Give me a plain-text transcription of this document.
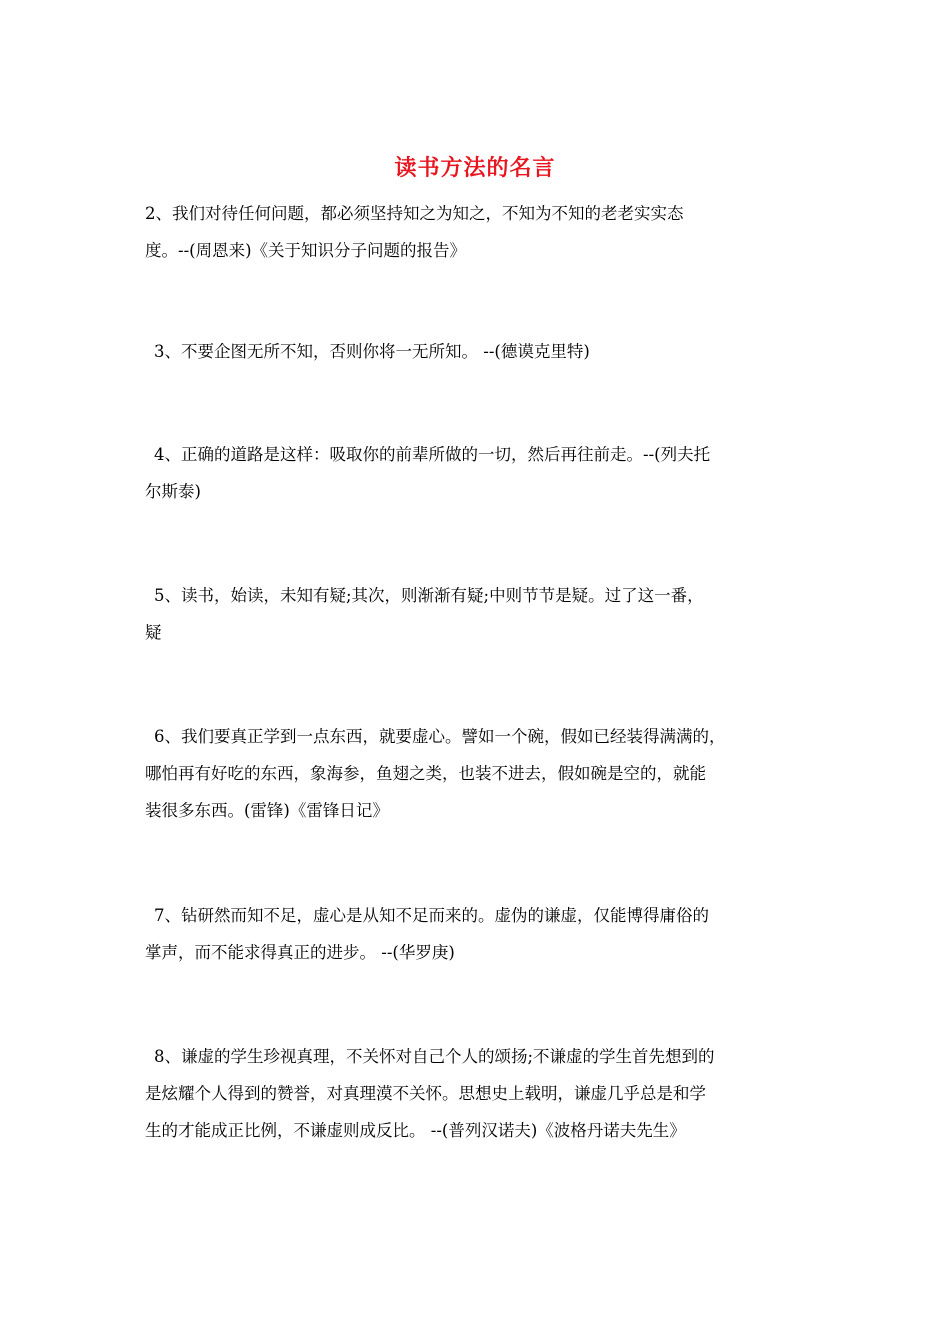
读书方法的名言
2、我们对待任何问题，都必须坚持知之为知之，不知为不知的老老实实态
度。--(周恩来)《关于知识分子问题的报告》
3、不要企图无所不知，否则你将一无所知。 --(德谟克里特)
4、正确的道路是这样：吸取你的前辈所做的一切，然后再往前走。--(列夫托
尔斯泰)
5、读书，始读，未知有疑;其次，则渐渐有疑;中则节节是疑。过了这一番，
疑
6、我们要真正学到一点东西，就要虚心。譬如一个碗，假如已经装得满满的，
哪怕再有好吃的东西，象海参，鱼翅之类，也装不进去，假如碗是空的，就能
装很多东西。(雷锋)《雷锋日记》
7、钻研然而知不足，虚心是从知不足而来的。虚伪的谦虚，仅能博得庸俗的
掌声，而不能求得真正的进步。 --(华罗庚)
8、谦虚的学生珍视真理，不关怀对自己个人的颂扬;不谦虚的学生首先想到的
是炫耀个人得到的赞誉，对真理漠不关怀。思想史上载明，谦虚几乎总是和学
生的才能成正比例，不谦虚则成反比。 --(普列汉诺夫)《波格丹诺夫先生》
